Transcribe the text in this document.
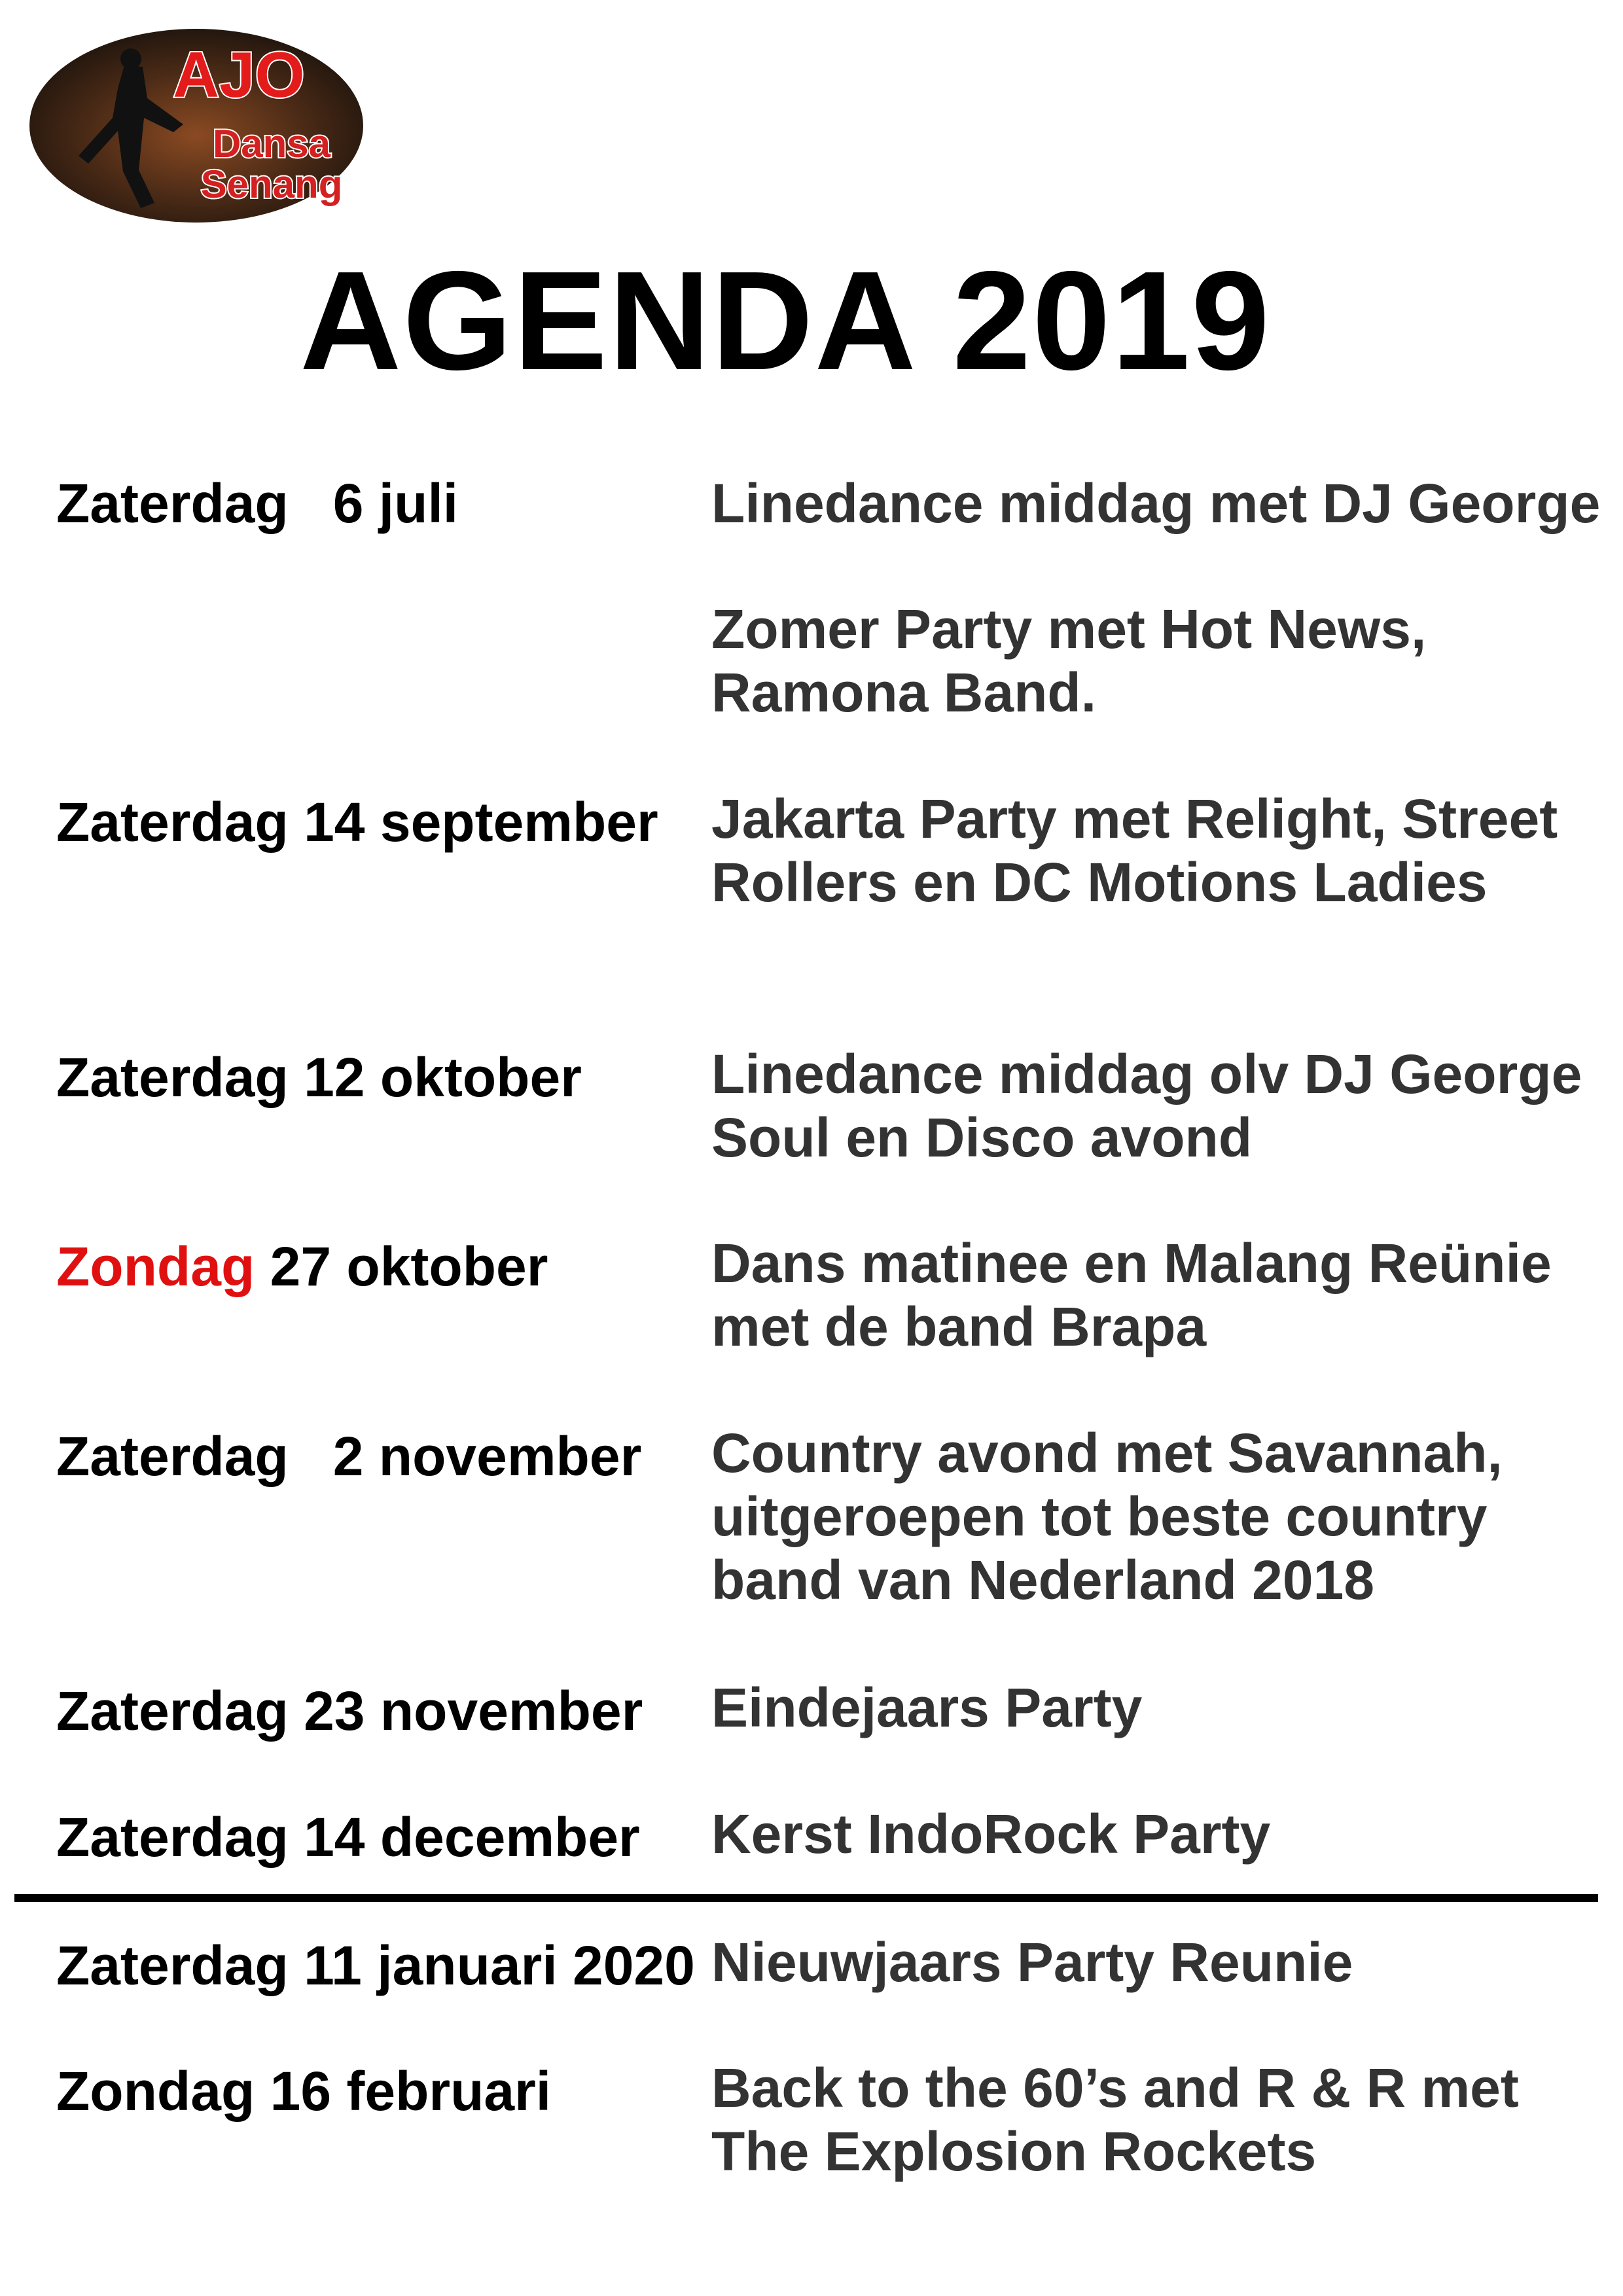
AJO
Dansa
Senang
AGENDA 2019
Zaterdag 6 juli	Linedance middag met DJ George
Zomer Party met Hot News,
Ramona Band.
Zaterdag 14 september Jakarta Party met Relight, Street
Rollers en DC Motions Ladies
Zaterdag 12 oktober Linedance middag olv DJ George
Soul en Disco avond
Zondag 27 oktober	Dans matinee en Malang Reünie
met de band Brapa
Zaterdag 2 november Country avond met Savannah,
uitgeroepen tot beste country
band van Nederland 2018
Zaterdag 23 november Eindejaars Party
Zaterdag 14 december Kerst IndoRock Party
Zaterdag 11 januari 2020 Nieuwjaars Party Reunie
Zondag 16 februari	Back to the 60’s and R & R met
The Explosion Rockets
